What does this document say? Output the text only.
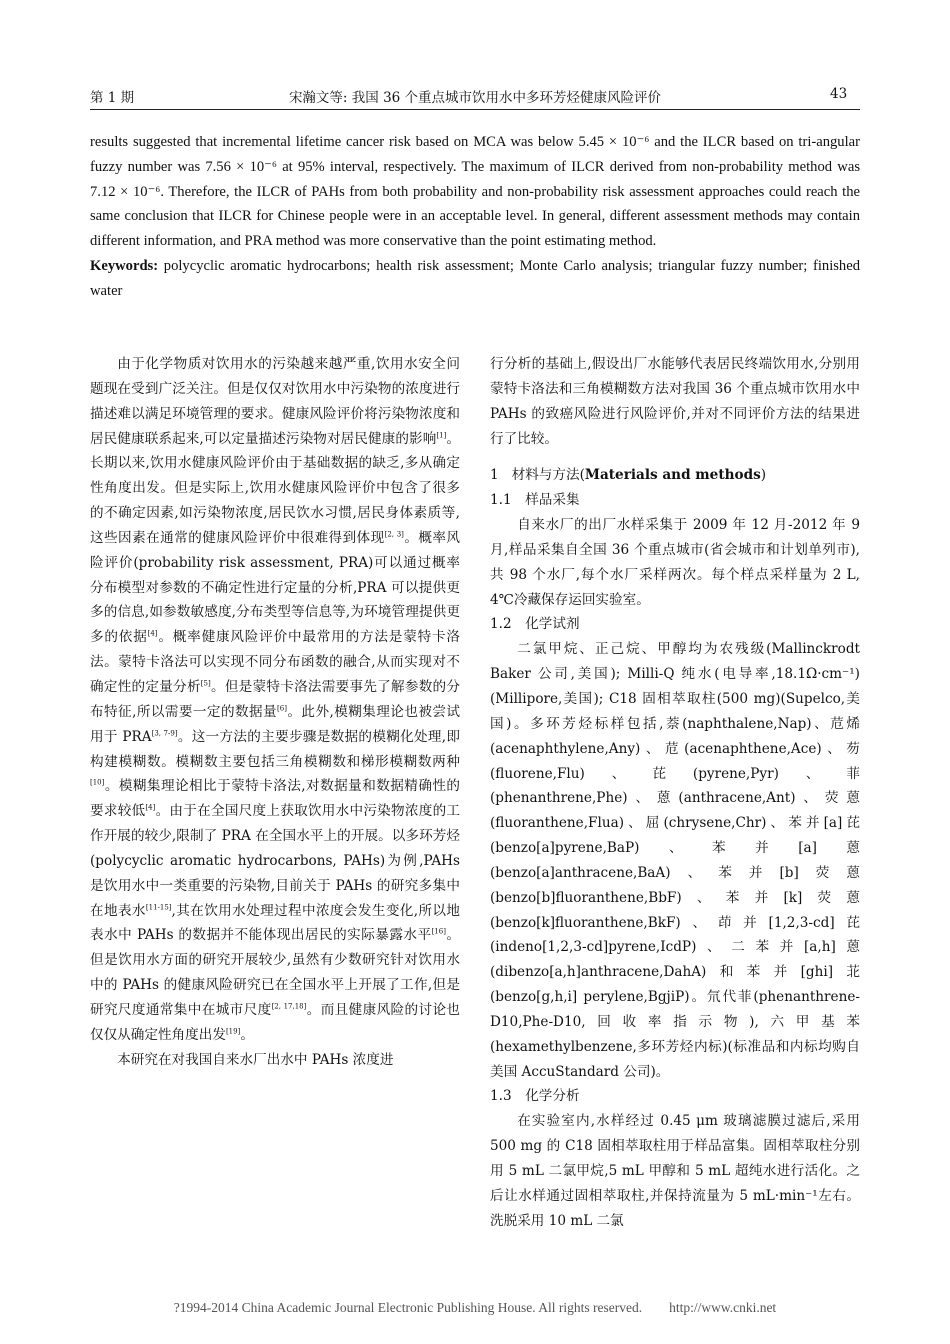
第 1 期	宋瀚文等: 我国 36 个重点城市饮用水中多环芳烃健康风险评价	43

results suggested that incremental lifetime cancer risk based on MCA was below 5.45 × 10⁻⁶ and the ILCR based on tri-angular fuzzy number was 7.56 × 10⁻⁶ at 95% interval, respectively. The maximum of ILCR derived from non-probability method was 7.12 × 10⁻⁶. Therefore, the ILCR of PAHs from both probability and non-probability risk assessment approaches could reach the same conclusion that ILCR for Chinese people were in an acceptable level. In general, different assessment methods may contain different information, and PRA method was more conservative than the point estimating method.

Keywords: polycyclic aromatic hydrocarbons; health risk assessment; Monte Carlo analysis; triangular fuzzy number; finished water

由于化学物质对饮用水的污染越来越严重,饮用水安全问题现在受到广泛关注。但是仅仅对饮用水中污染物的浓度进行描述难以满足环境管理的要求。健康风险评价将污染物浓度和居民健康联系起来,可以定量描述污染物对居民健康的影响[1]。长期以来,饮用水健康风险评价由于基础数据的缺乏,多从确定性角度出发。但是实际上,饮用水健康风险评价中包含了很多的不确定因素,如污染物浓度,居民饮水习惯,居民身体素质等,这些因素在通常的健康风险评价中很难得到体现[2, 3]。概率风险评价(probability risk assessment, PRA)可以通过概率分布模型对参数的不确定性进行定量的分析,PRA 可以提供更多的信息,如参数敏感度,分布类型等信息等,为环境管理提供更多的依据[4]。概率健康风险评价中最常用的方法是蒙特卡洛法。蒙特卡洛法可以实现不同分布函数的融合,从而实现对不确定性的定量分析[5]。但是蒙特卡洛法需要事先了解参数的分布特征,所以需要一定的数据量[6]。此外,模糊集理论也被尝试用于 PRA[3, 7-9]。这一方法的主要步骤是数据的模糊化处理,即构建模糊数。模糊数主要包括三角模糊数和梯形模糊数两种[10]。模糊集理论相比于蒙特卡洛法,对数据量和数据精确性的要求较低[4]。由于在全国尺度上获取饮用水中污染物浓度的工作开展的较少,限制了 PRA 在全国水平上的开展。以多环芳烃(polycyclic aromatic hydrocarbons, PAHs)为例,PAHs 是饮用水中一类重要的污染物,目前关于 PAHs 的研究多集中在地表水[11-15],其在饮用水处理过程中浓度会发生变化,所以地表水中 PAHs 的数据并不能体现出居民的实际暴露水平[16]。但是饮用水方面的研究开展较少,虽然有少数研究针对饮用水中的 PAHs 的健康风险研究已在全国水平上开展了工作,但是研究尺度通常集中在城市尺度[2, 17,18]。而且健康风险的讨论也仅仅从确定性角度出发[19]。

本研究在对我国自来水厂出水中 PAHs 浓度进

行分析的基础上,假设出厂水能够代表居民终端饮用水,分别用蒙特卡洛法和三角模糊数方法对我国 36 个重点城市饮用水中 PAHs 的致癌风险进行风险评价,并对不同评价方法的结果进行了比较。

1 材料与方法(Materials and methods)

1.1　样品采集

自来水厂的出厂水样采集于 2009 年 12 月-2012 年 9 月,样品采集自全国 36 个重点城市(省会城市和计划单列市),共 98 个水厂,每个水厂采样两次。每个样点采样量为 2 L, 4℃冷藏保存运回实验室。

1.2　化学试剂

二氯甲烷、正己烷、甲醇均为农残级(Mallinckrodt Baker 公司,美国); Milli-Q 纯水(电导率,18.1Ω·cm⁻¹)(Millipore,美国); C18 固相萃取柱(500 mg)(Supelco,美国)。多环芳烃标样包括,萘(naphthalene,Nap)、苊烯(acenaphthylene,Any)、苊(acenaphthene,Ace)、芴(fluorene,Flu)、芘(pyrene,Pyr)、菲(phenanthrene,Phe)、蒽(anthracene,Ant)、荧蒽(fluoranthene,Flua)、屈(chrysene,Chr)、苯并[a]芘(benzo[a]pyrene,BaP)、苯并[a]蒽(benzo[a]anthracene,BaA)、苯并[b]荧蒽(benzo[b]fluoranthene,BbF)、苯并[k]荧蒽(benzo[k]fluoranthene,BkF)、茚并[1,2,3-cd]芘(indeno[1,2,3-cd]pyrene,IcdP)、二苯并[a,h]蒽(dibenzo[a,h]anthracene,DahA)和苯并[ghi]苝(benzo[g,h,i] perylene,BgjiP)。氘代菲(phenanthrene-D10,Phe-D10,回收率指示物),六甲基苯(hexamethylbenzene,多环芳烃内标)(标准品和内标均购自美国 AccuStandard 公司)。

1.3　化学分析

在实验室内,水样经过 0.45 μm 玻璃滤膜过滤后,采用 500 mg 的 C18 固相萃取柱用于样品富集。固相萃取柱分别用 5 mL 二氯甲烷,5 mL 甲醇和 5 mL 超纯水进行活化。之后让水样通过固相萃取柱,并保持流量为 5 mL·min⁻¹左右。洗脱采用 10 mL 二氯

?1994-2014 China Academic Journal Electronic Publishing House. All rights reserved.　　http://www.cnki.net
